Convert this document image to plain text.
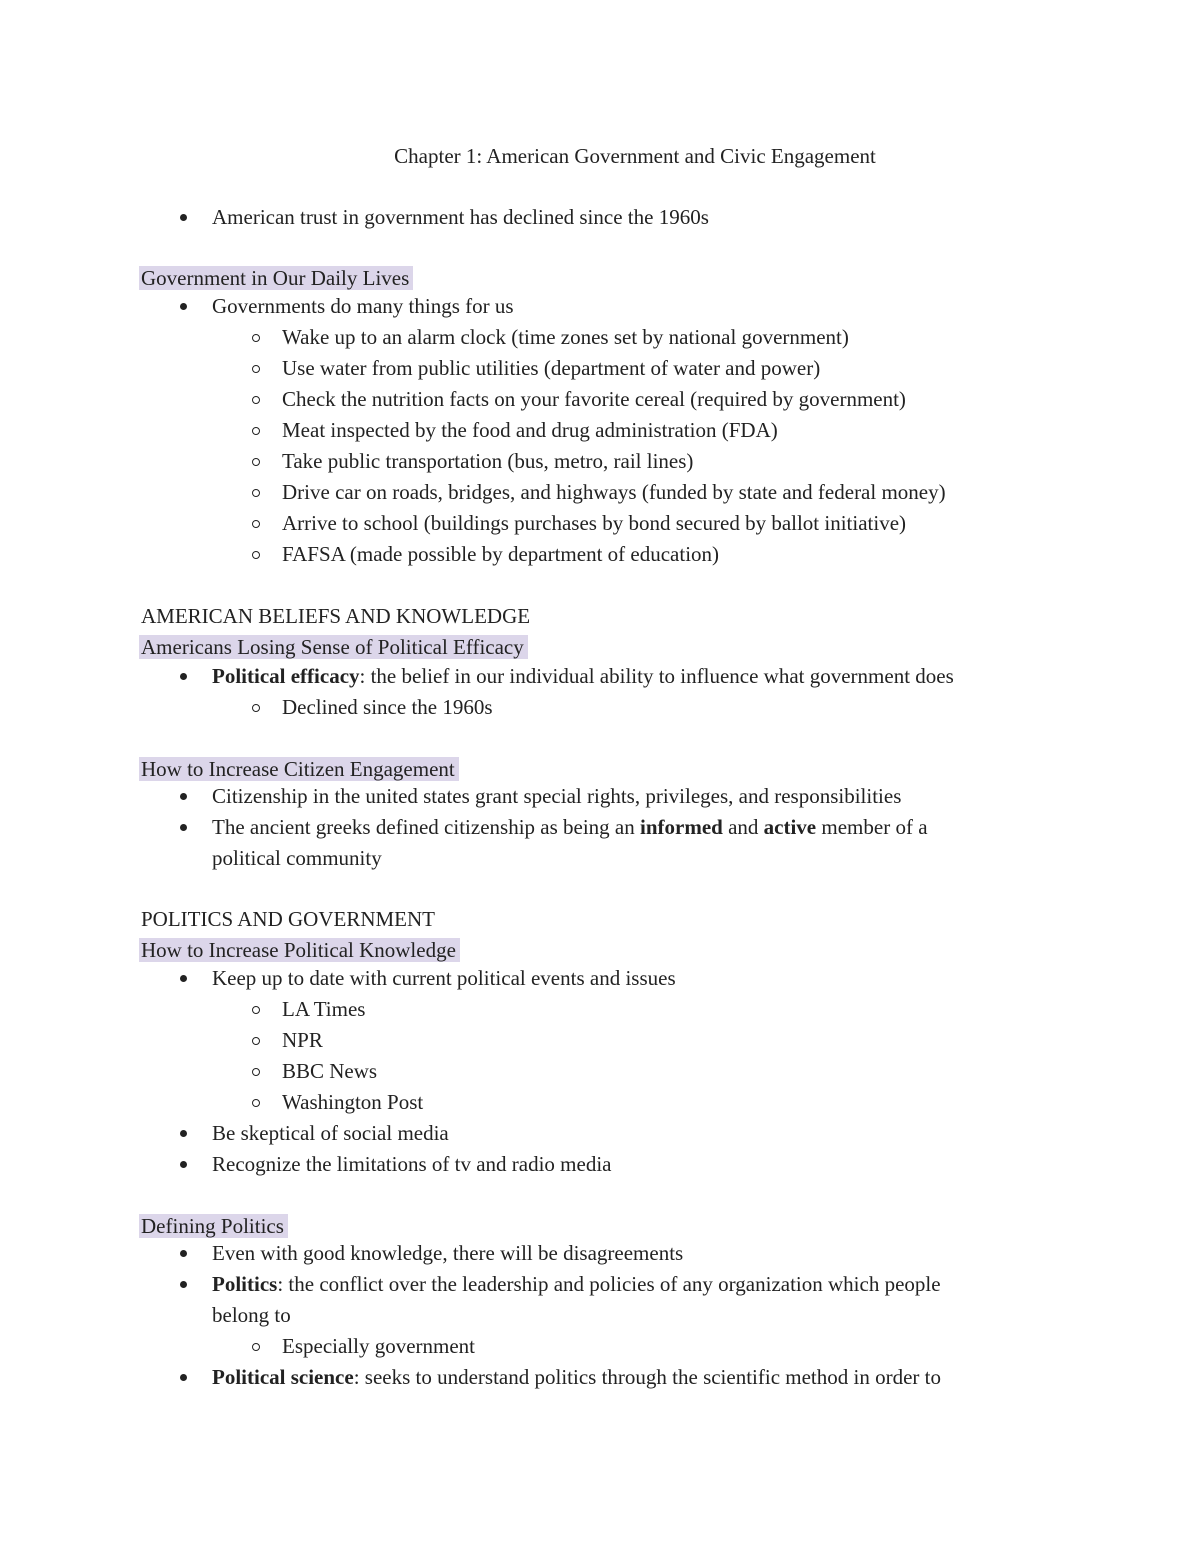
Chapter 1: American Government and Civic Engagement
American trust in government has declined since the 1960s
Government in Our Daily Lives
Governments do many things for us
Wake up to an alarm clock (time zones set by national government)
Use water from public utilities (department of water and power)
Check the nutrition facts on your favorite cereal (required by government)
Meat inspected by the food and drug administration (FDA)
Take public transportation (bus, metro, rail lines)
Drive car on roads, bridges, and highways (funded by state and federal money)
Arrive to school (buildings purchases by bond secured by ballot initiative)
FAFSA (made possible by department of education)
AMERICAN BELIEFS AND KNOWLEDGE
Americans Losing Sense of Political Efficacy
Political efficacy: the belief in our individual ability to influence what government does
Declined since the 1960s
How to Increase Citizen Engagement
Citizenship in the united states grant special rights, privileges, and responsibilities
The ancient greeks defined citizenship as being an informed and active member of a
political community
POLITICS AND GOVERNMENT
How to Increase Political Knowledge
Keep up to date with current political events and issues
LA Times
NPR
BBC News
Washington Post
Be skeptical of social media
Recognize the limitations of tv and radio media
Defining Politics
Even with good knowledge, there will be disagreements
Politics: the conflict over the leadership and policies of any organization which people
belong to
Especially government
Political science: seeks to understand politics through the scientific method in order to
